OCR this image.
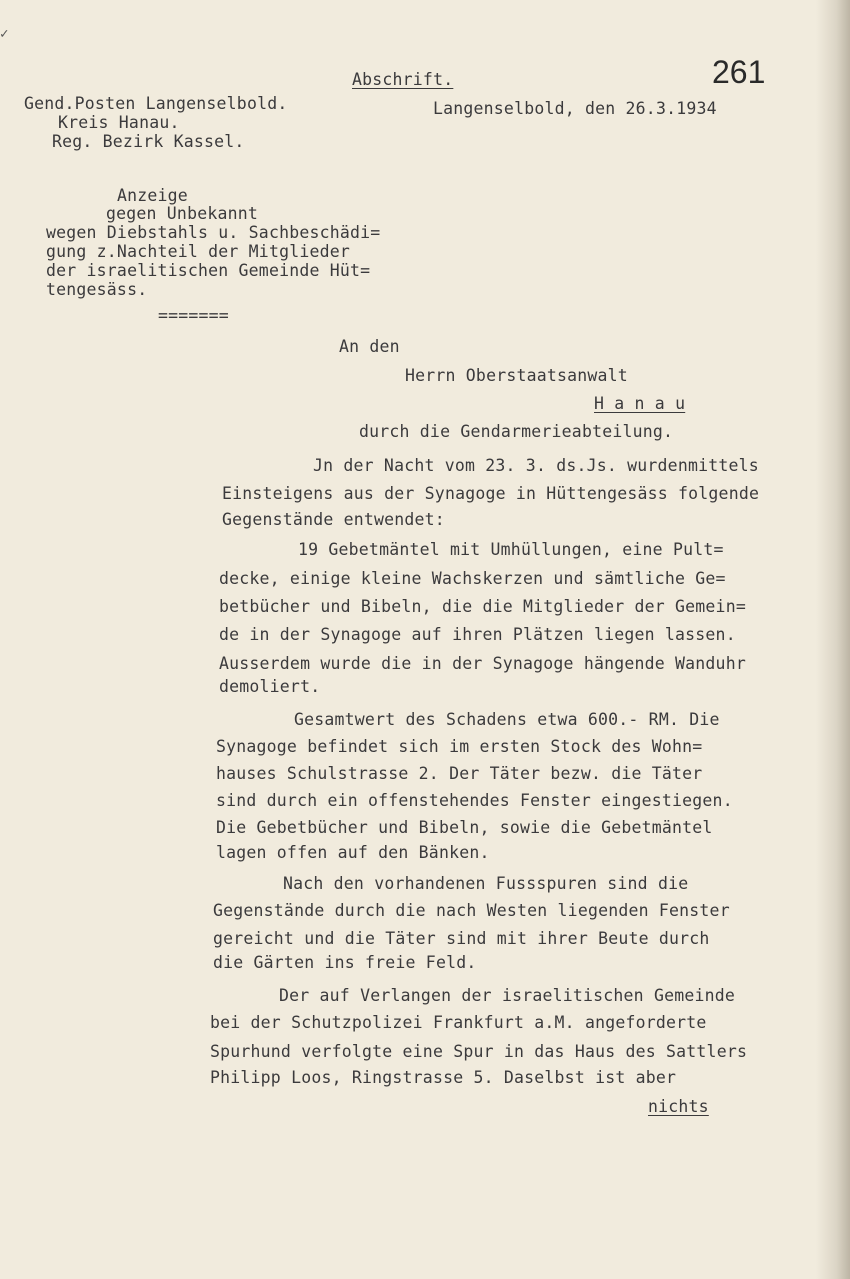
✓
261
Abschrift.
Gend.Posten Langenselbold.
Kreis Hanau.
Reg. Bezirk Kassel.
Langenselbold, den 26.3.1934
Anzeige
gegen Unbekannt
wegen Diebstahls u. Sachbeschädi=
gung z.Nachteil der Mitglieder
der israelitischen Gemeinde Hüt=
tengesäss.
=======
An den
Herrn Oberstaatsanwalt
H a n a u
durch die Gendarmerieabteilung.
Jn der Nacht vom 23. 3. ds.Js. wurdenmittels
Einsteigens aus der Synagoge in Hüttengesäss folgende
Gegenstände entwendet:
19 Gebetmäntel mit Umhüllungen, eine Pult=
decke, einige kleine Wachskerzen und sämtliche Ge=
betbücher und Bibeln, die die Mitglieder der Gemein=
de in der Synagoge auf ihren Plätzen liegen lassen.
Ausserdem wurde die in der Synagoge hängende Wanduhr
demoliert.
Gesamtwert des Schadens etwa 600.- RM. Die
Synagoge befindet sich im ersten Stock des Wohn=
hauses Schulstrasse 2. Der Täter bezw. die Täter
sind durch ein offenstehendes Fenster eingestiegen.
Die Gebetbücher und Bibeln, sowie die Gebetmäntel
lagen offen auf den Bänken.
Nach den vorhandenen Fussspuren sind die
Gegenstände durch die nach Westen liegenden Fenster
gereicht und die Täter sind mit ihrer Beute durch
die Gärten ins freie Feld.
Der auf Verlangen der israelitischen Gemeinde
bei der Schutzpolizei Frankfurt a.M. angeforderte
Spurhund verfolgte eine Spur in das Haus des Sattlers
Philipp Loos, Ringstrasse 5. Daselbst ist aber
nichts
